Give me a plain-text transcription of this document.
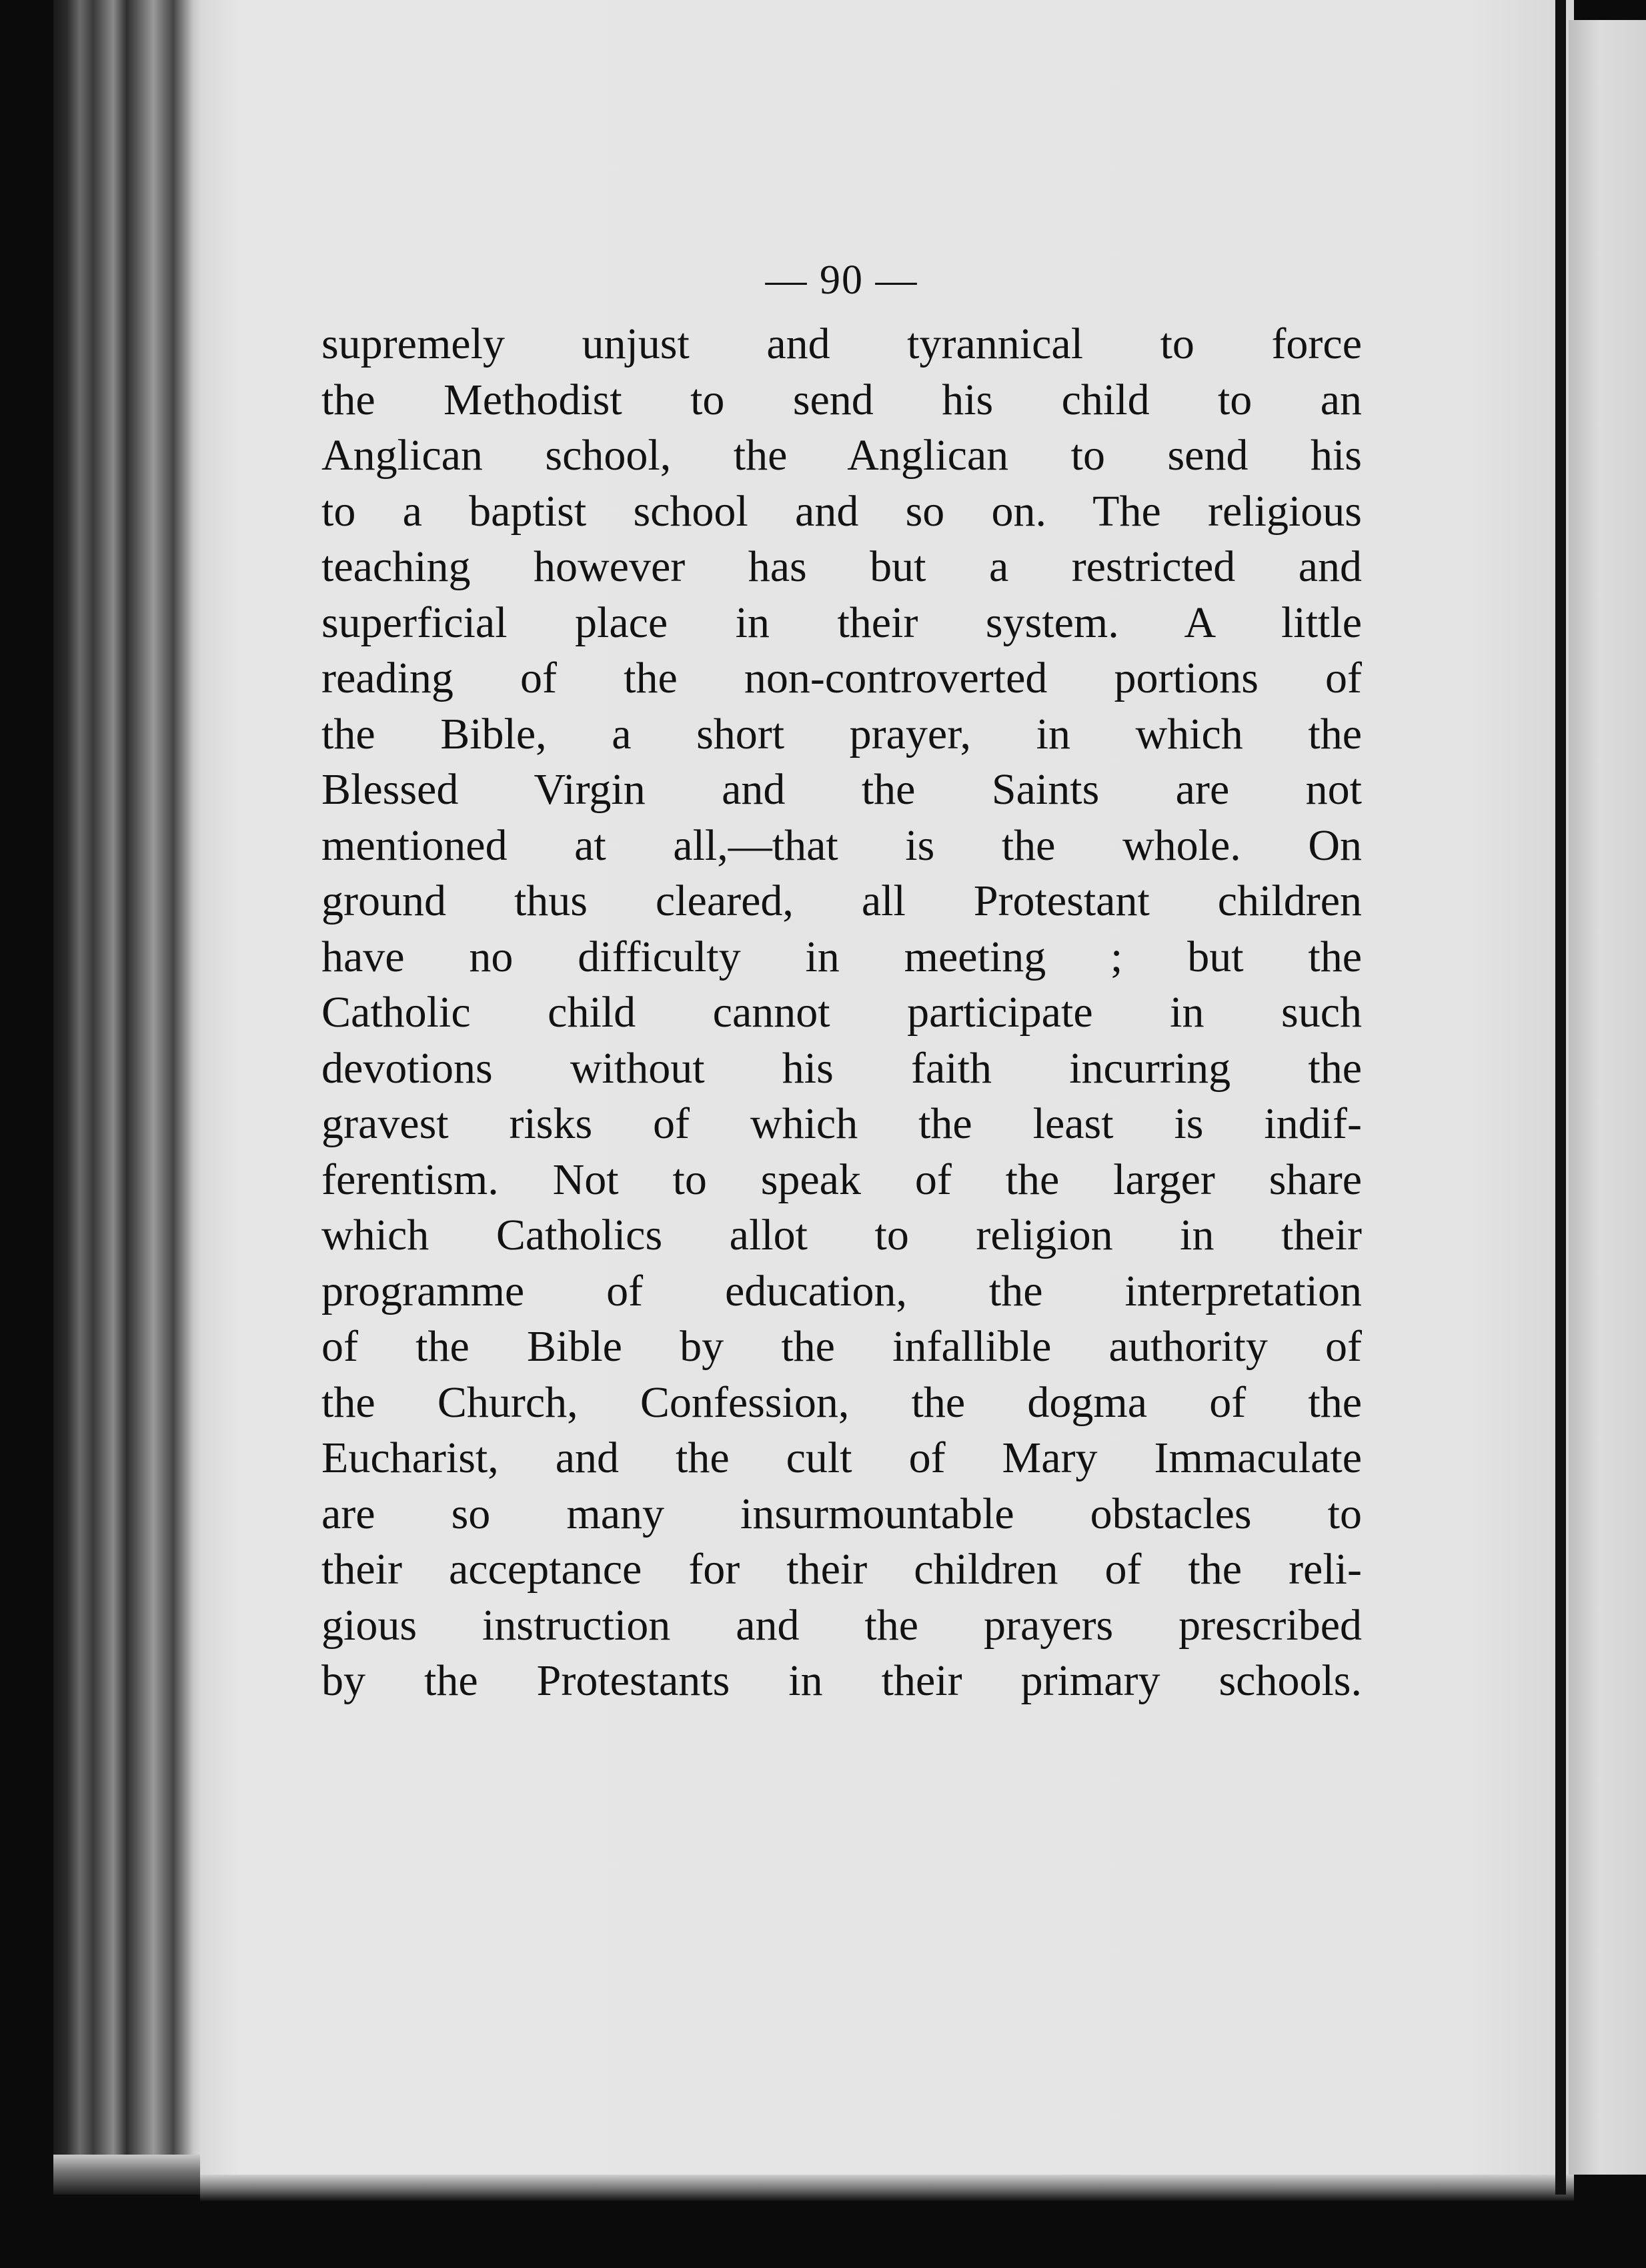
— 90 —
supremely unjust and tyrannical to force
the Methodist to send his child to an
Anglican school, the Anglican to send his
to a baptist school and so on. The religious
teaching however has but a restricted and
superficial place in their system. A little
reading of the non-controverted portions of
the Bible, a short prayer, in which the
Blessed Virgin and the Saints are not
mentioned at all,—that is the whole. On
ground thus cleared, all Protestant children
have no difficulty in meeting ; but the
Catholic child cannot participate in such
devotions without his faith incurring the
gravest risks of which the least is indif-
ferentism. Not to speak of the larger share
which Catholics allot to religion in their
programme of education, the interpretation
of the Bible by the infallible authority of
the Church, Confession, the dogma of the
Eucharist, and the cult of Mary Immaculate
are so many insurmountable obstacles to
their acceptance for their children of the reli-
gious instruction and the prayers prescribed
by the Protestants in their primary schools.
